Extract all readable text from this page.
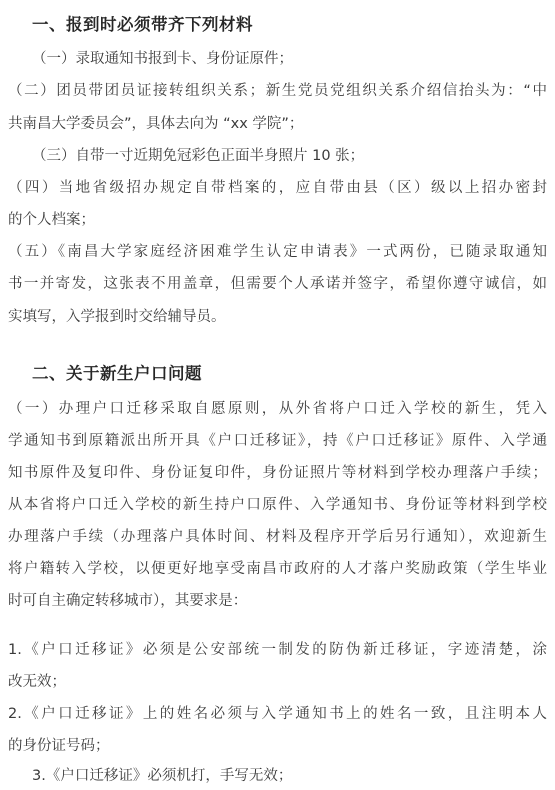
一、报到时必须带齐下列材料
（一）录取通知书报到卡、身份证原件；
（二）团员带团员证接转组织关系；新生党员党组织关系介绍信抬头为：“中
共南昌大学委员会”，具体去向为 “xx 学院”；
（三）自带一寸近期免冠彩色正面半身照片 10 张；
（四）当地省级招办规定自带档案的，应自带由县（区）级以上招办密封
的个人档案；
（五）《南昌大学家庭经济困难学生认定申请表》一式两份，已随录取通知
书一并寄发，这张表不用盖章，但需要个人承诺并签字，希望你遵守诚信，如
实填写，入学报到时交给辅导员。
二、关于新生户口问题
（一）办理户口迁移采取自愿原则，从外省将户口迁入学校的新生，凭入
学通知书到原籍派出所开具《户口迁移证》，持《户口迁移证》原件、入学通
知书原件及复印件、身份证复印件，身份证照片等材料到学校办理落户手续；
从本省将户口迁入学校的新生持户口原件、入学通知书、身份证等材料到学校
办理落户手续（办理落户具体时间、材料及程序开学后另行通知），欢迎新生
将户籍转入学校，以便更好地享受南昌市政府的人才落户奖励政策（学生毕业
时可自主确定转移城市），其要求是：
1.《户口迁移证》必须是公安部统一制发的防伪新迁移证，字迹清楚，涂
改无效；
2.《户口迁移证》上的姓名必须与入学通知书上的姓名一致，且注明本人
的身份证号码；
3.《户口迁移证》必须机打，手写无效；
